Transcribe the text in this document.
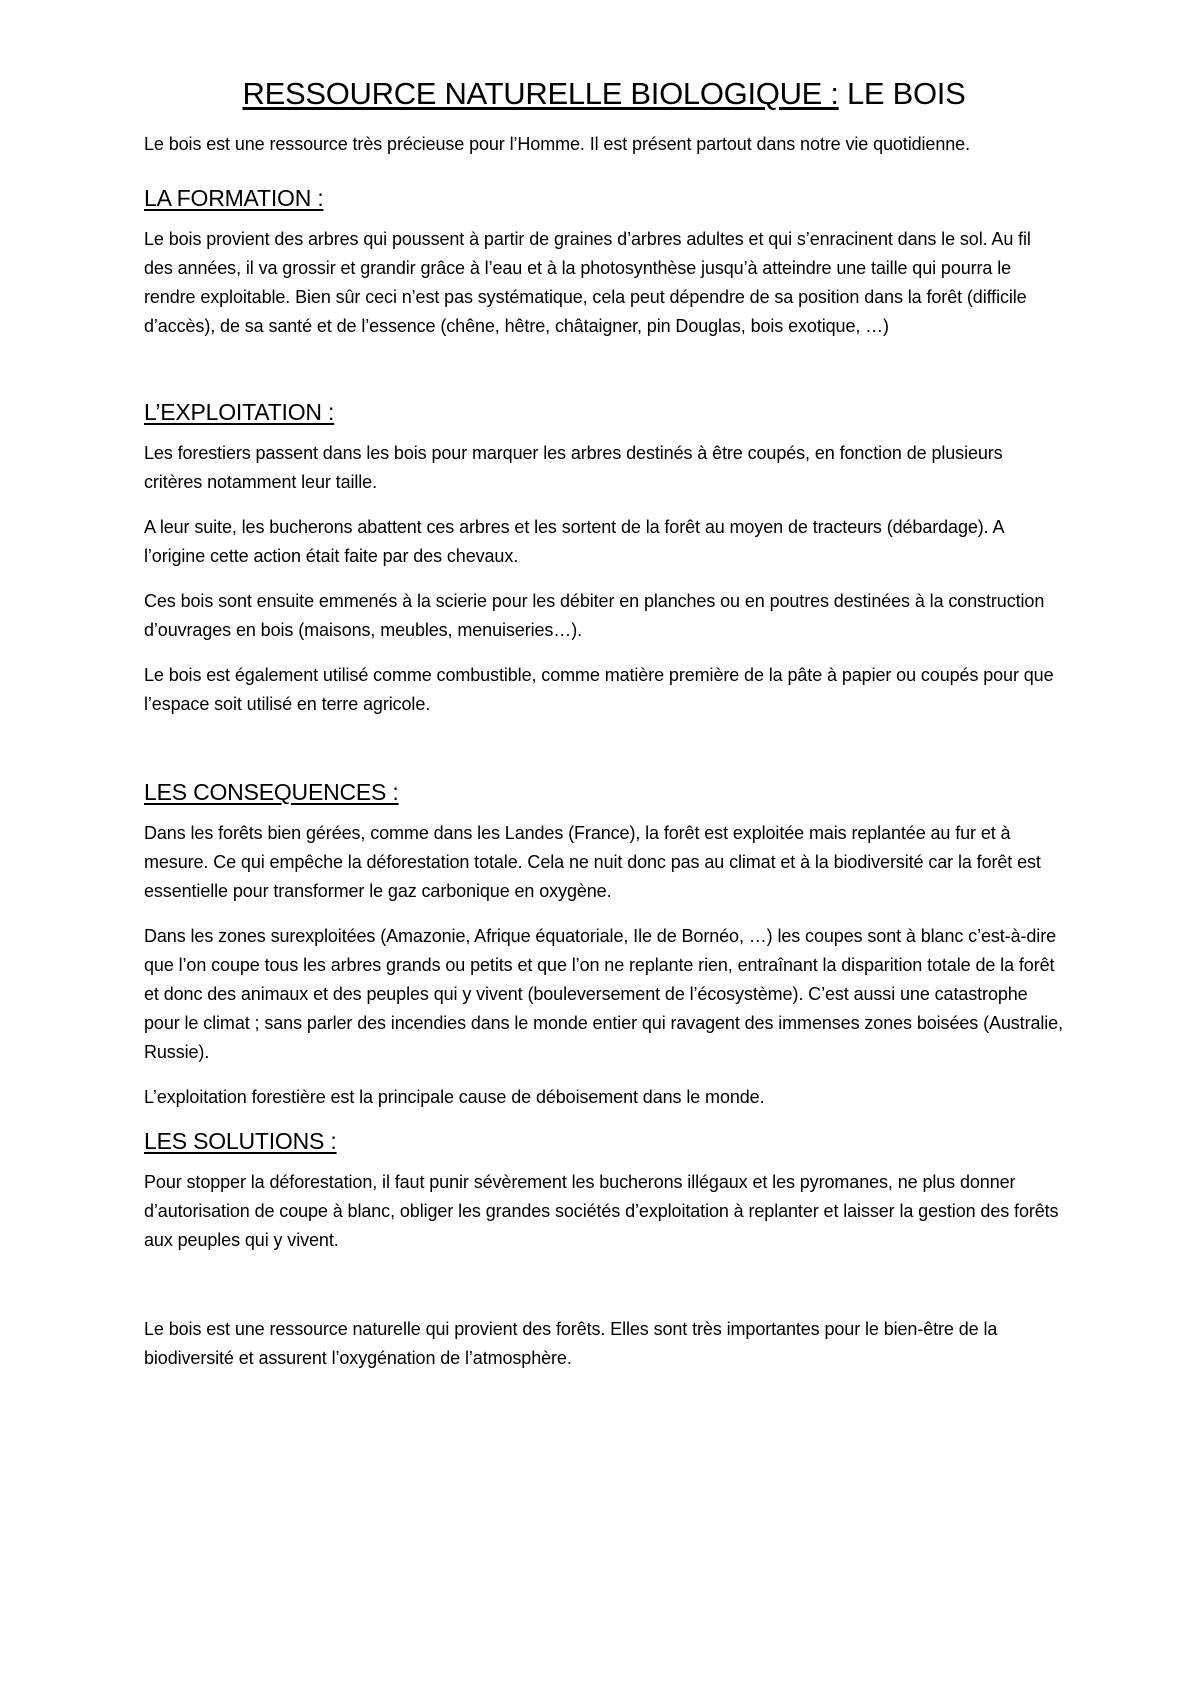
RESSOURCE NATURELLE BIOLOGIQUE : LE BOIS

Le bois est une ressource très précieuse pour l’Homme. Il est présent partout dans notre vie quotidienne.

LA FORMATION :

Le bois provient des arbres qui poussent à partir de graines d’arbres adultes et qui s’enracinent dans le sol. Au fil des années, il va grossir et grandir grâce à l’eau et à la photosynthèse jusqu’à atteindre une taille qui pourra le rendre exploitable. Bien sûr ceci n’est pas systématique, cela peut dépendre de sa position dans la forêt (difficile d’accès), de sa santé et de l’essence (chêne, hêtre, châtaigner, pin Douglas, bois exotique, …)

L’EXPLOITATION :

Les forestiers passent dans les bois pour marquer les arbres destinés à être coupés, en fonction de plusieurs critères notamment leur taille.

A leur suite, les bucherons abattent ces arbres et les sortent de la forêt au moyen de tracteurs (débardage). A l’origine cette action était faite par des chevaux.

Ces bois sont ensuite emmenés à la scierie pour les débiter en planches ou en poutres destinées à la construction d’ouvrages en bois (maisons, meubles, menuiseries…).

Le bois est également utilisé comme combustible, comme matière première de la pâte à papier ou coupés pour que l’espace soit utilisé en terre agricole.

LES CONSEQUENCES :

Dans les forêts bien gérées, comme dans les Landes (France), la forêt est exploitée mais replantée au fur et à mesure. Ce qui empêche la déforestation totale. Cela ne nuit donc pas au climat et à la biodiversité car la forêt est essentielle pour transformer le gaz carbonique en oxygène.

Dans les zones surexploitées (Amazonie, Afrique équatoriale, Ile de Bornéo, …) les coupes sont à blanc c’est-à-dire que l’on coupe tous les arbres grands ou petits et que l’on ne replante rien, entraînant la disparition totale de la forêt et donc des animaux et des peuples qui y vivent (bouleversement de l’écosystème). C’est aussi une catastrophe pour le climat ; sans parler des incendies dans le monde entier qui ravagent des immenses zones boisées (Australie, Russie).

L’exploitation forestière est la principale cause de déboisement dans le monde.

LES SOLUTIONS :

Pour stopper la déforestation, il faut punir sévèrement les bucherons illégaux et les pyromanes, ne plus donner d’autorisation de coupe à blanc, obliger les grandes sociétés d’exploitation à replanter et laisser la gestion des forêts aux peuples qui y vivent.

Le bois est une ressource naturelle qui provient des forêts. Elles sont très importantes pour le bien-être de la biodiversité et assurent l’oxygénation de l’atmosphère.
